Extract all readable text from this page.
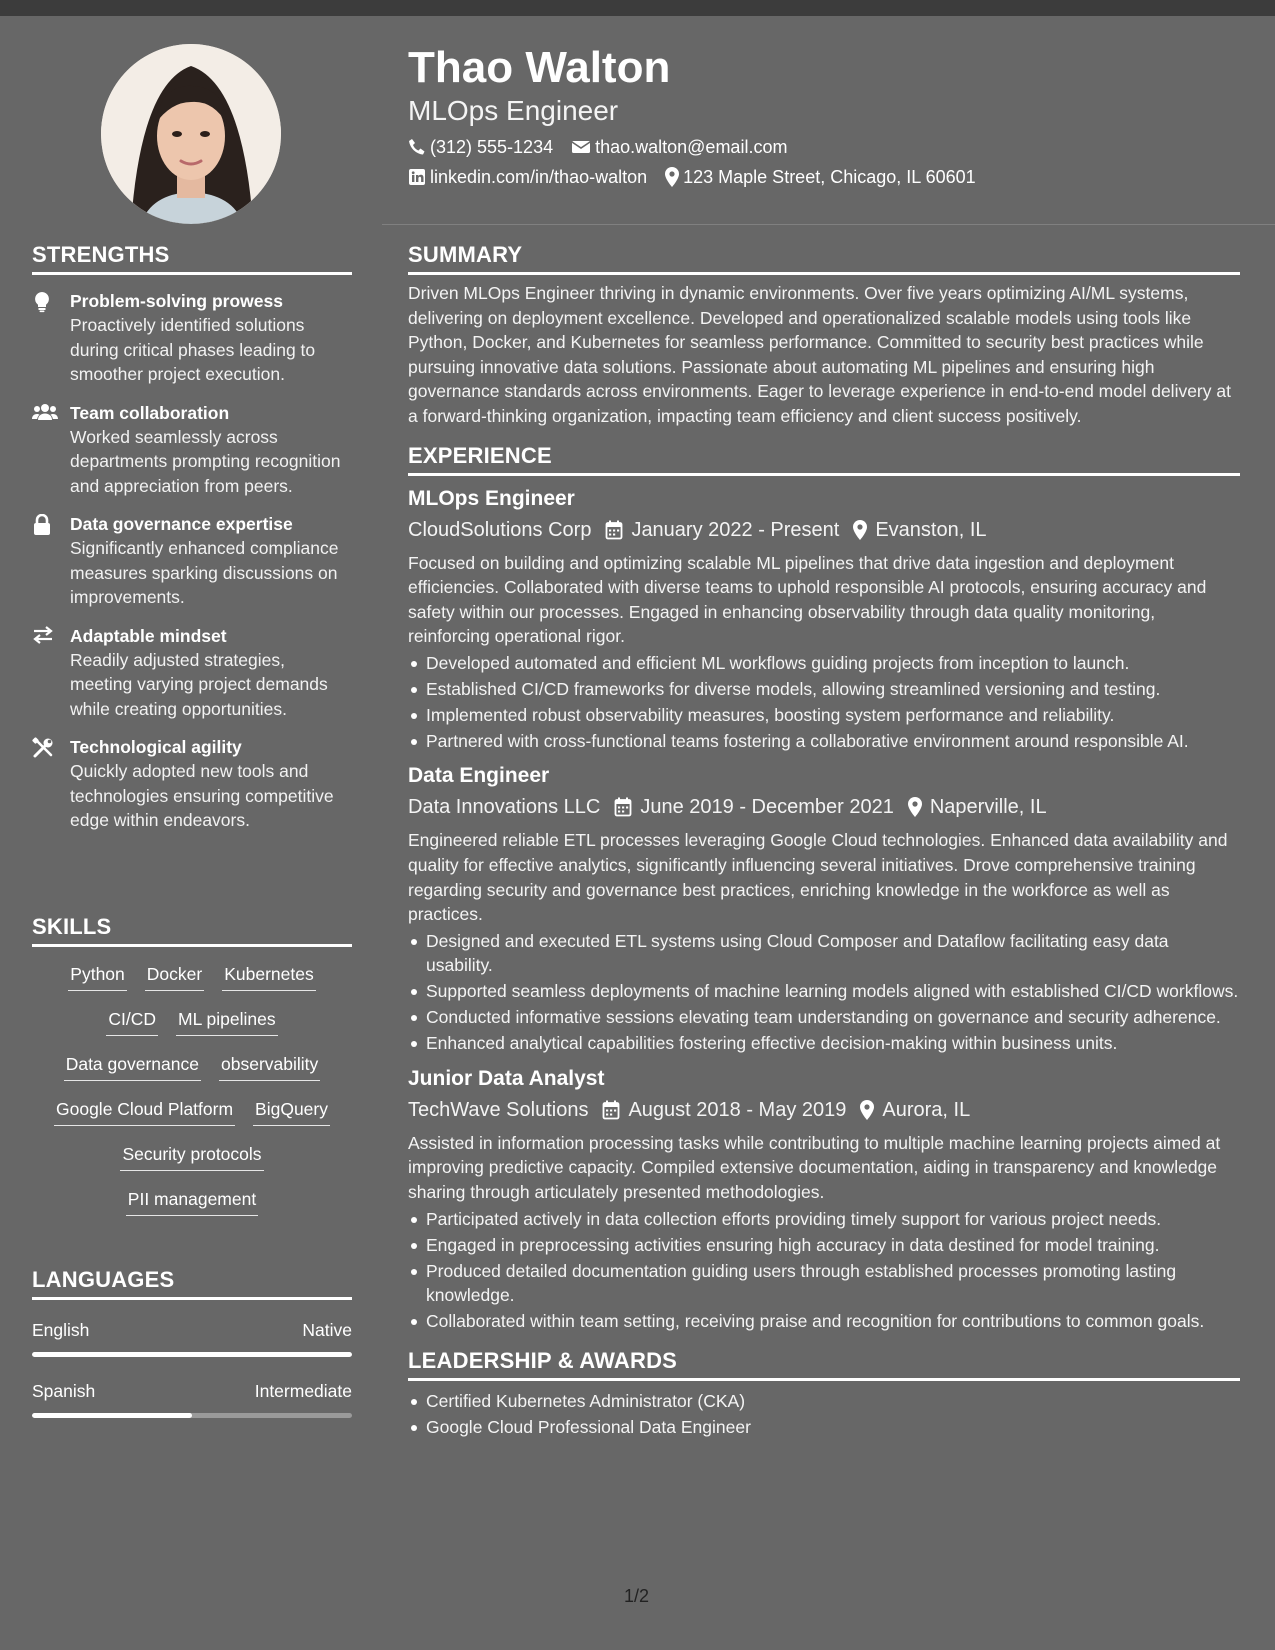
STRENGTHS
Problem-solving prowess
Proactively identified solutions during critical phases leading to smoother project execution.
Team collaboration
Worked seamlessly across departments prompting recognition and appreciation from peers.
Data governance expertise
Significantly enhanced compliance measures sparking discussions on improvements.
Adaptable mindset
Readily adjusted strategies, meeting varying project demands while creating opportunities.
Technological agility
Quickly adopted new tools and technologies ensuring competitive edge within endeavors.
SKILLS
Python Docker Kubernetes
CI/CD ML pipelines
Data governance observability
Google Cloud Platform BigQuery
Security protocols
PII management
LANGUAGES
English	Native
Spanish	Intermediate
Thao Walton
MLOps Engineer
(312) 555-1234 thao.walton@email.com
linkedin.com/in/thao-walton 123 Maple Street, Chicago, IL 60601
SUMMARY
Driven MLOps Engineer thriving in dynamic environments. Over five years optimizing AI/ML systems, delivering on deployment excellence. Developed and operationalized scalable models using tools like Python, Docker, and Kubernetes for seamless performance. Committed to security best practices while pursuing innovative data solutions. Passionate about automating ML pipelines and ensuring high governance standards across environments. Eager to leverage experience in end-to-end model delivery at a forward-thinking organization, impacting team efficiency and client success positively.
EXPERIENCE
MLOps Engineer
CloudSolutions Corp January 2022 - Present Evanston, IL
Focused on building and optimizing scalable ML pipelines that drive data ingestion and deployment efficiencies. Collaborated with diverse teams to uphold responsible AI protocols, ensuring accuracy and safety within our processes. Engaged in enhancing observability through data quality monitoring, reinforcing operational rigor.
Developed automated and efficient ML workflows guiding projects from inception to launch.
Established CI/CD frameworks for diverse models, allowing streamlined versioning and testing.
Implemented robust observability measures, boosting system performance and reliability.
Partnered with cross-functional teams fostering a collaborative environment around responsible AI.
Data Engineer
Data Innovations LLC June 2019 - December 2021 Naperville, IL
Engineered reliable ETL processes leveraging Google Cloud technologies. Enhanced data availability and quality for effective analytics, significantly influencing several initiatives. Drove comprehensive training regarding security and governance best practices, enriching knowledge in the workforce as well as practices.
Designed and executed ETL systems using Cloud Composer and Dataflow facilitating easy data usability.
Supported seamless deployments of machine learning models aligned with established CI/CD workflows.
Conducted informative sessions elevating team understanding on governance and security adherence.
Enhanced analytical capabilities fostering effective decision-making within business units.
Junior Data Analyst
TechWave Solutions August 2018 - May 2019 Aurora, IL
Assisted in information processing tasks while contributing to multiple machine learning projects aimed at improving predictive capacity. Compiled extensive documentation, aiding in transparency and knowledge sharing through articulately presented methodologies.
Participated actively in data collection efforts providing timely support for various project needs.
Engaged in preprocessing activities ensuring high accuracy in data destined for model training.
Produced detailed documentation guiding users through established processes promoting lasting knowledge.
Collaborated within team setting, receiving praise and recognition for contributions to common goals.
LEADERSHIP & AWARDS
Certified Kubernetes Administrator (CKA)
Google Cloud Professional Data Engineer
1/2
